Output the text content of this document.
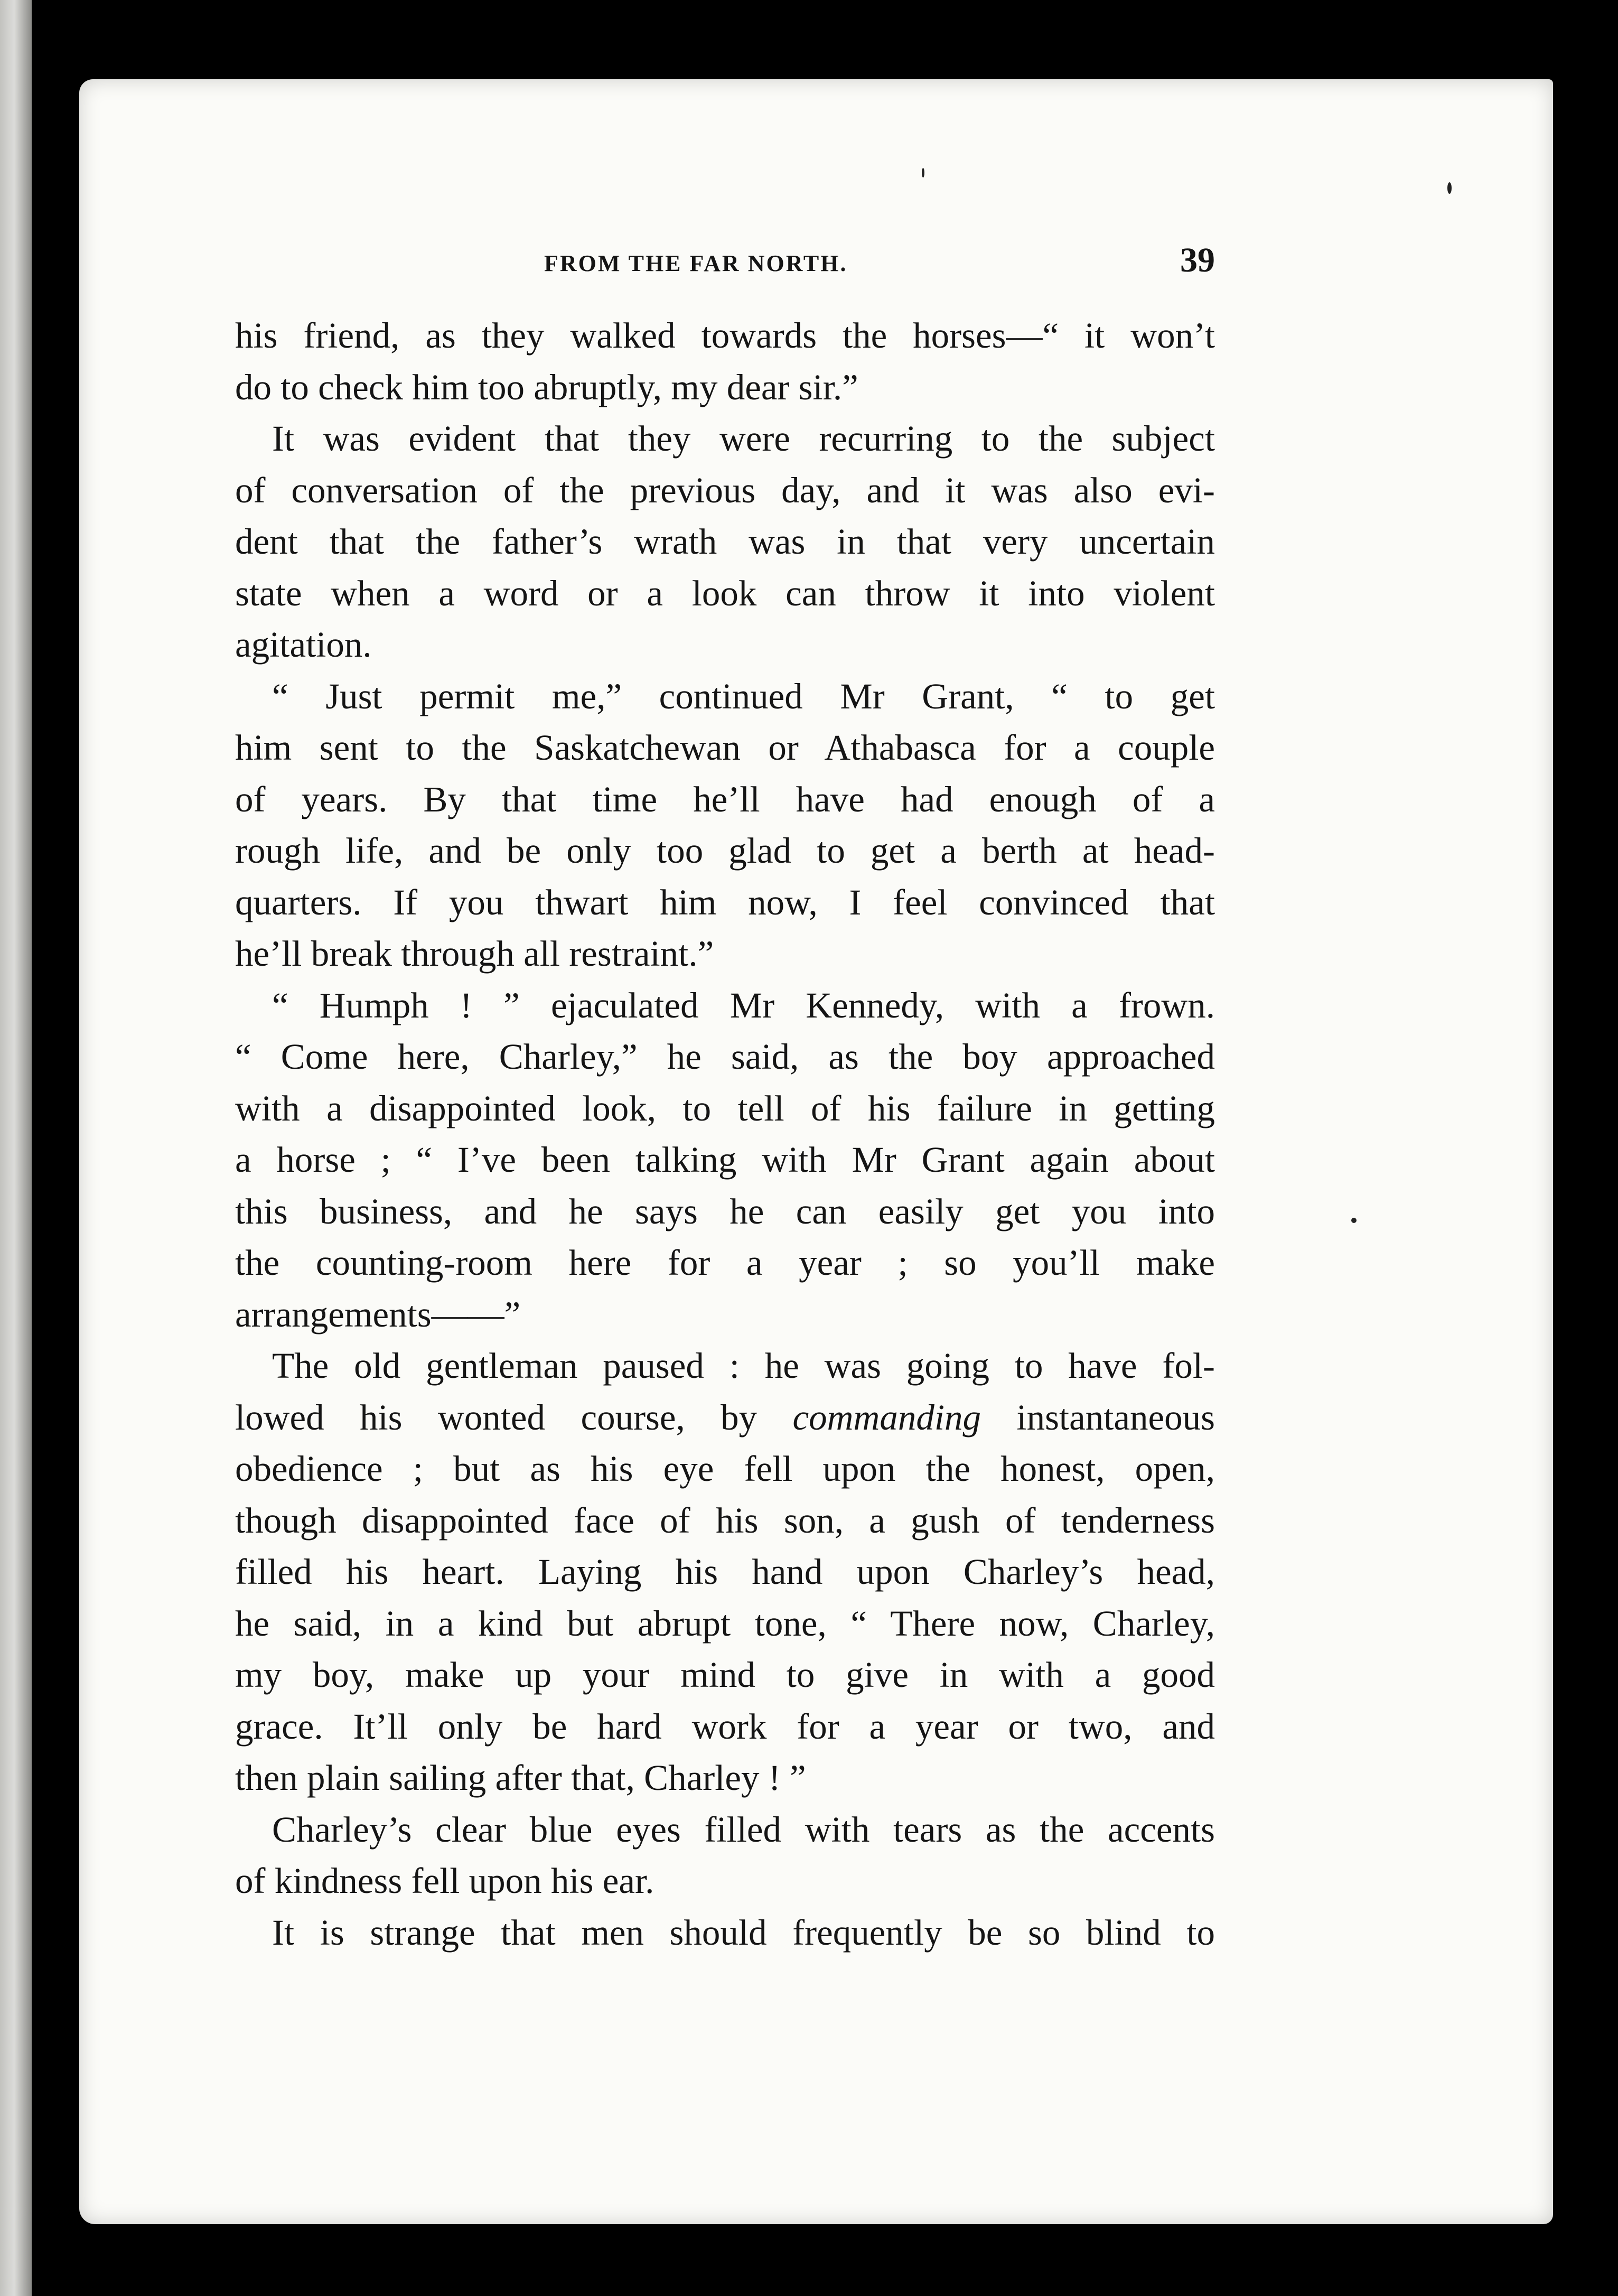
FROM THE FAR NORTH.	39
his friend, as they walked towards the horses—“ it won’t
do to check him too abruptly, my dear sir.”
It was evident that they were recurring to the subject
of conversation of the previous day, and it was also evi-
dent that the father’s wrath was in that very uncertain
state when a word or a look can throw it into violent
agitation.
“ Just permit me,” continued Mr Grant, “ to get
him sent to the Saskatchewan or Athabasca for a couple
of years. By that time he’ll have had enough of a
rough life, and be only too glad to get a berth at head-
quarters. If you thwart him now, I feel convinced that
he’ll break through all restraint.”
“ Humph ! ” ejaculated Mr Kennedy, with a frown.
“ Come here, Charley,” he said, as the boy approached
with a disappointed look, to tell of his failure in getting
a horse ; “ I’ve been talking with Mr Grant again about
this business, and he says he can easily get you into
the counting-room here for a year ; so you’ll make
arrangements——”
The old gentleman paused : he was going to have fol-
lowed his wonted course, by commanding instantaneous
obedience ; but as his eye fell upon the honest, open,
though disappointed face of his son, a gush of tenderness
filled his heart. Laying his hand upon Charley’s head,
he said, in a kind but abrupt tone, “ There now, Charley,
my boy, make up your mind to give in with a good
grace. It’ll only be hard work for a year or two, and
then plain sailing after that, Charley ! ”
Charley’s clear blue eyes filled with tears as the accents
of kindness fell upon his ear.
It is strange that men should frequently be so blind to
